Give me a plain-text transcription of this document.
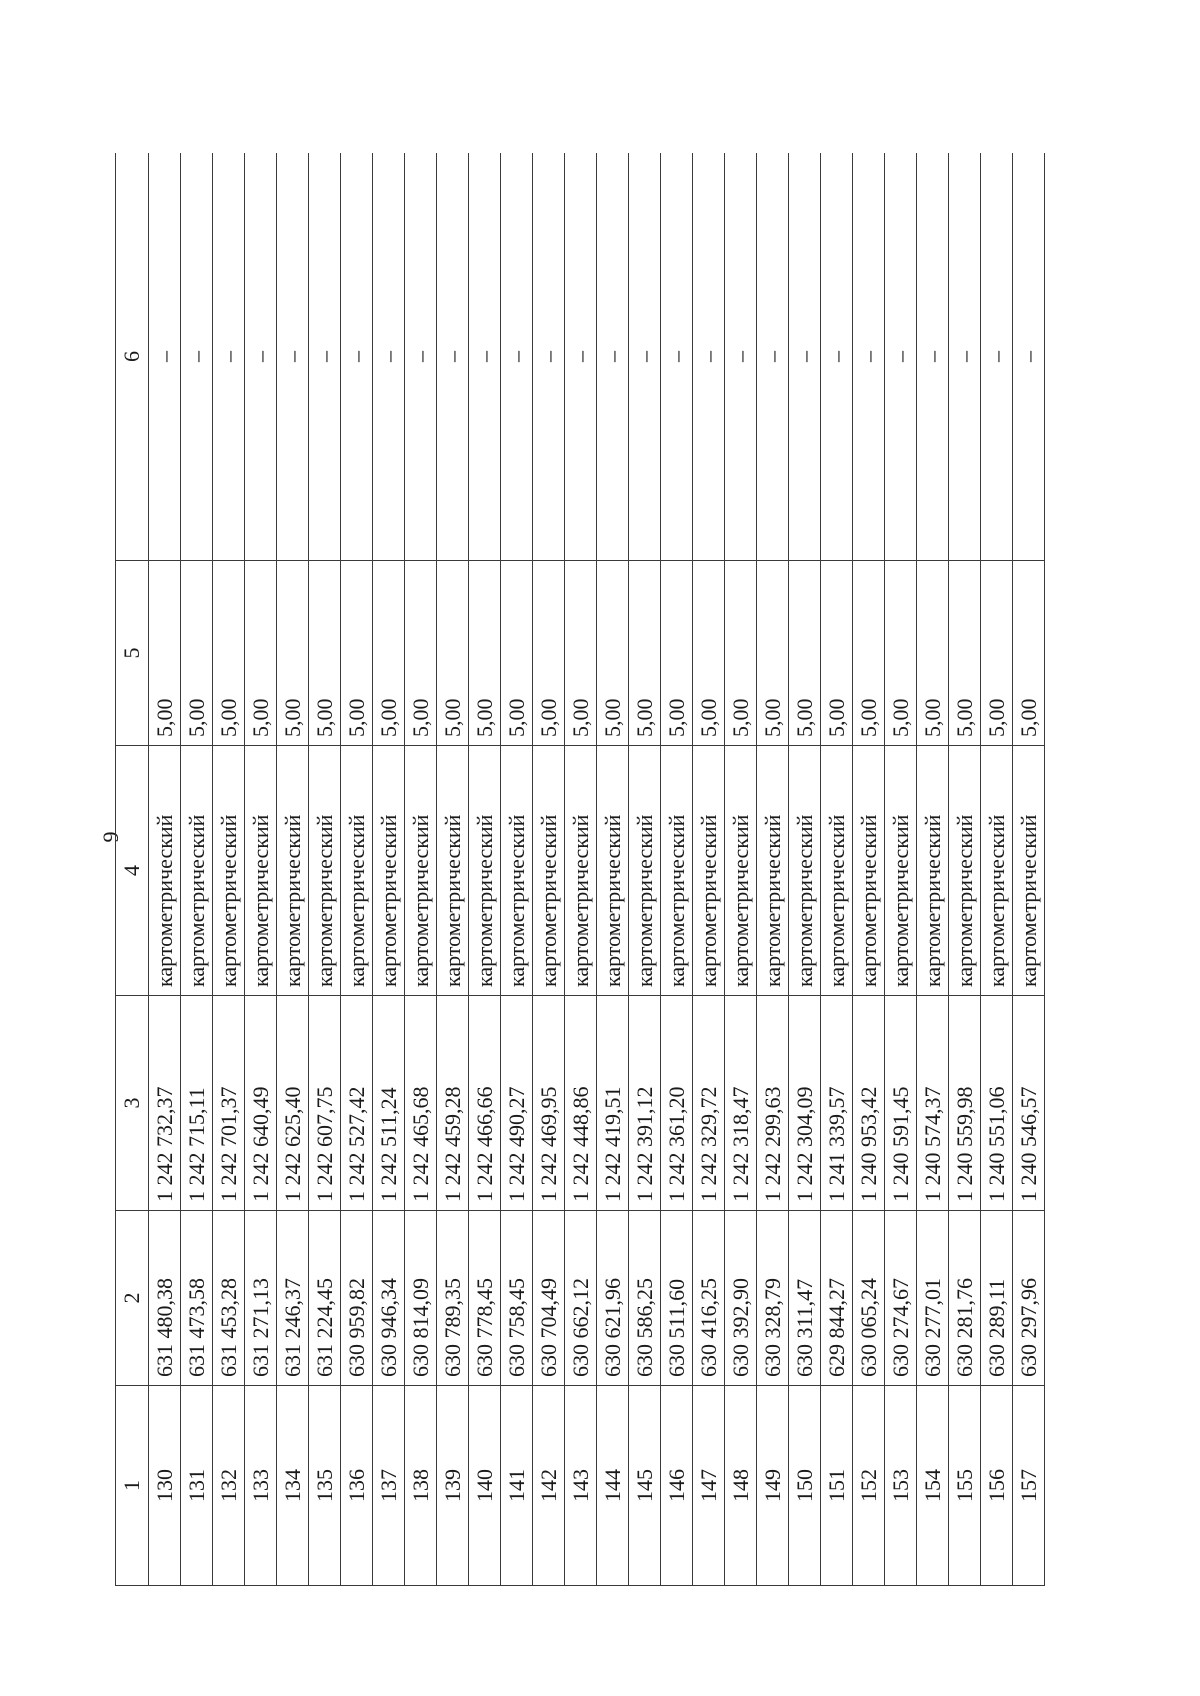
9
1	2	3	4	5	6
130	631 480,38	1 242 732,37	картометрический	5,00	–
131	631 473,58	1 242 715,11	картометрический	5,00	–
132	631 453,28	1 242 701,37	картометрический	5,00	–
133	631 271,13	1 242 640,49	картометрический	5,00	–
134	631 246,37	1 242 625,40	картометрический	5,00	–
135	631 224,45	1 242 607,75	картометрический	5,00	–
136	630 959,82	1 242 527,42	картометрический	5,00	–
137	630 946,34	1 242 511,24	картометрический	5,00	–
138	630 814,09	1 242 465,68	картометрический	5,00	–
139	630 789,35	1 242 459,28	картометрический	5,00	–
140	630 778,45	1 242 466,66	картометрический	5,00	–
141	630 758,45	1 242 490,27	картометрический	5,00	–
142	630 704,49	1 242 469,95	картометрический	5,00	–
143	630 662,12	1 242 448,86	картометрический	5,00	–
144	630 621,96	1 242 419,51	картометрический	5,00	–
145	630 586,25	1 242 391,12	картометрический	5,00	–
146	630 511,60	1 242 361,20	картометрический	5,00	–
147	630 416,25	1 242 329,72	картометрический	5,00	–
148	630 392,90	1 242 318,47	картометрический	5,00	–
149	630 328,79	1 242 299,63	картометрический	5,00	–
150	630 311,47	1 242 304,09	картометрический	5,00	–
151	629 844,27	1 241 339,57	картометрический	5,00	–
152	630 065,24	1 240 953,42	картометрический	5,00	–
153	630 274,67	1 240 591,45	картометрический	5,00	–
154	630 277,01	1 240 574,37	картометрический	5,00	–
155	630 281,76	1 240 559,98	картометрический	5,00	–
156	630 289,11	1 240 551,06	картометрический	5,00	–
157	630 297,96	1 240 546,57	картометрический	5,00	–
